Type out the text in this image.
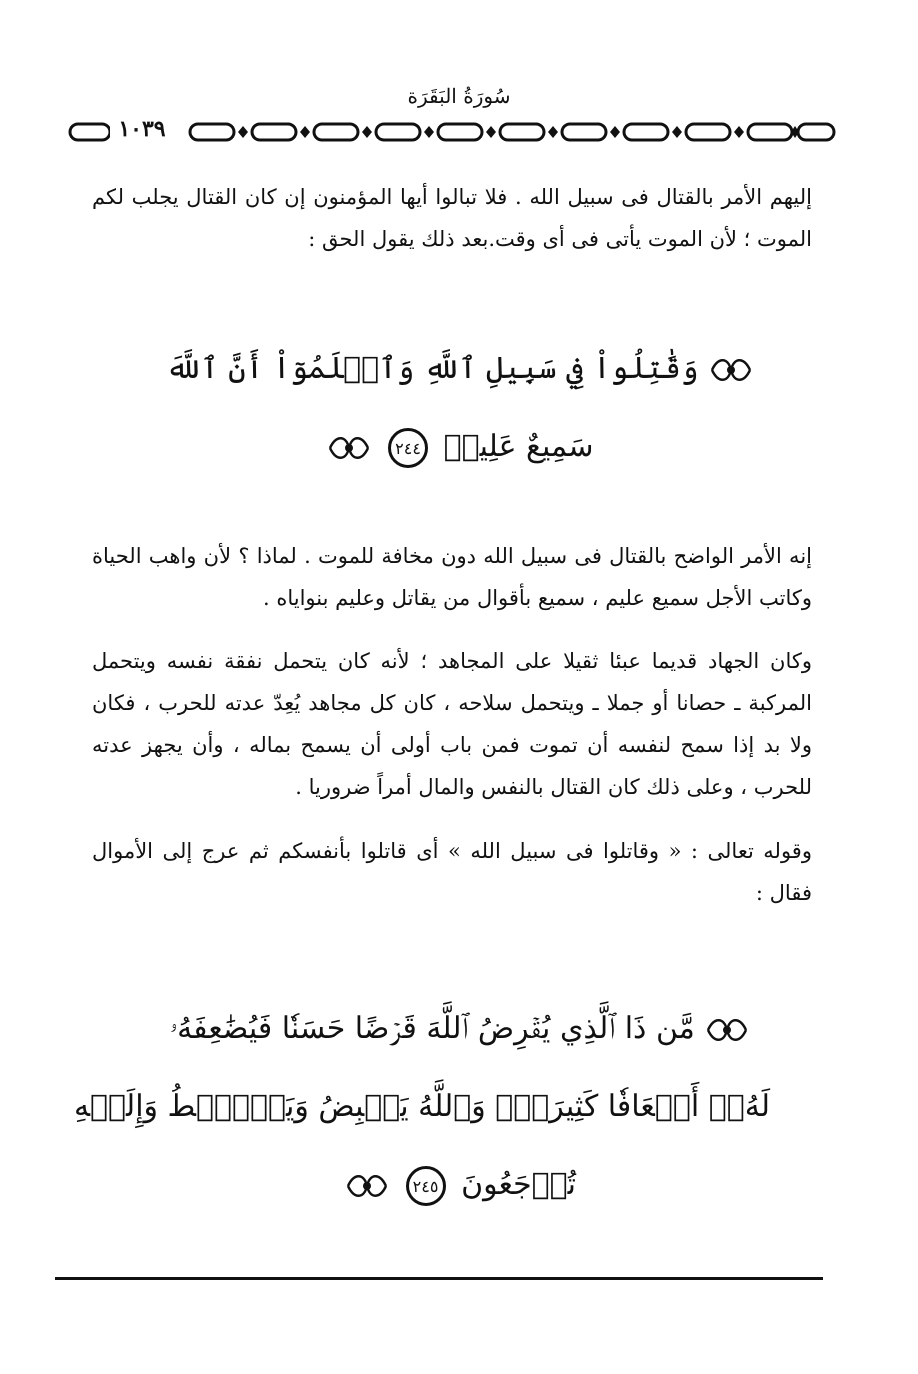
سُورَةُ البَقَرَة
١٠٣٩
إليهم الأمر بالقتال فى سبيل الله . فلا تبالوا أيها المؤمنون إن كان القتال يجلب لكم الموت ؛ لأن الموت يأتى فى أى وقت.بعد ذلك يقول الحق :
وَقَٰتِلُواْ فِي سَبِيلِ ٱللَّهِ وَٱعۡلَمُوٓاْ أَنَّ ٱللَّهَ
سَمِيعٌ عَلِيمٞ ٢٤٤
إنه الأمر الواضح بالقتال فى سبيل الله دون مخافة للموت . لماذا ؟ لأن واهب الحياة وكاتب الأجل سميع عليم ، سميع بأقوال من يقاتل وعليم بنواياه .
وكان الجهاد قديما عبئا ثقيلا على المجاهد ؛ لأنه كان يتحمل نفقة نفسه ويتحمل المركبة ـ حصانا أو جملا ـ ويتحمل سلاحه ، كان كل مجاهد يُعِدّ عدته للحرب ، فكان ولا بد إذا سمح لنفسه أن تموت فمن باب أولى أن يسمح بماله ، وأن يجهز عدته للحرب ، وعلى ذلك كان القتال بالنفس والمال أمراً ضروريا .
وقوله تعالى : « وقاتلوا فى سبيل الله » أى قاتلوا بأنفسكم ثم عرج إلى الأموال فقال :
مَّن ذَا ٱلَّذِي يُقۡرِضُ ٱللَّهَ قَرۡضًا حَسَنٗا فَيُضَٰعِفَهُۥ
لَهُۥٓ أَضۡعَافٗا كَثِيرَةٗۚ وَٱللَّهُ يَقۡبِضُ وَيَبۡصُۜطُ وَإِلَيۡهِ
تُرۡجَعُونَ ٢٤٥
